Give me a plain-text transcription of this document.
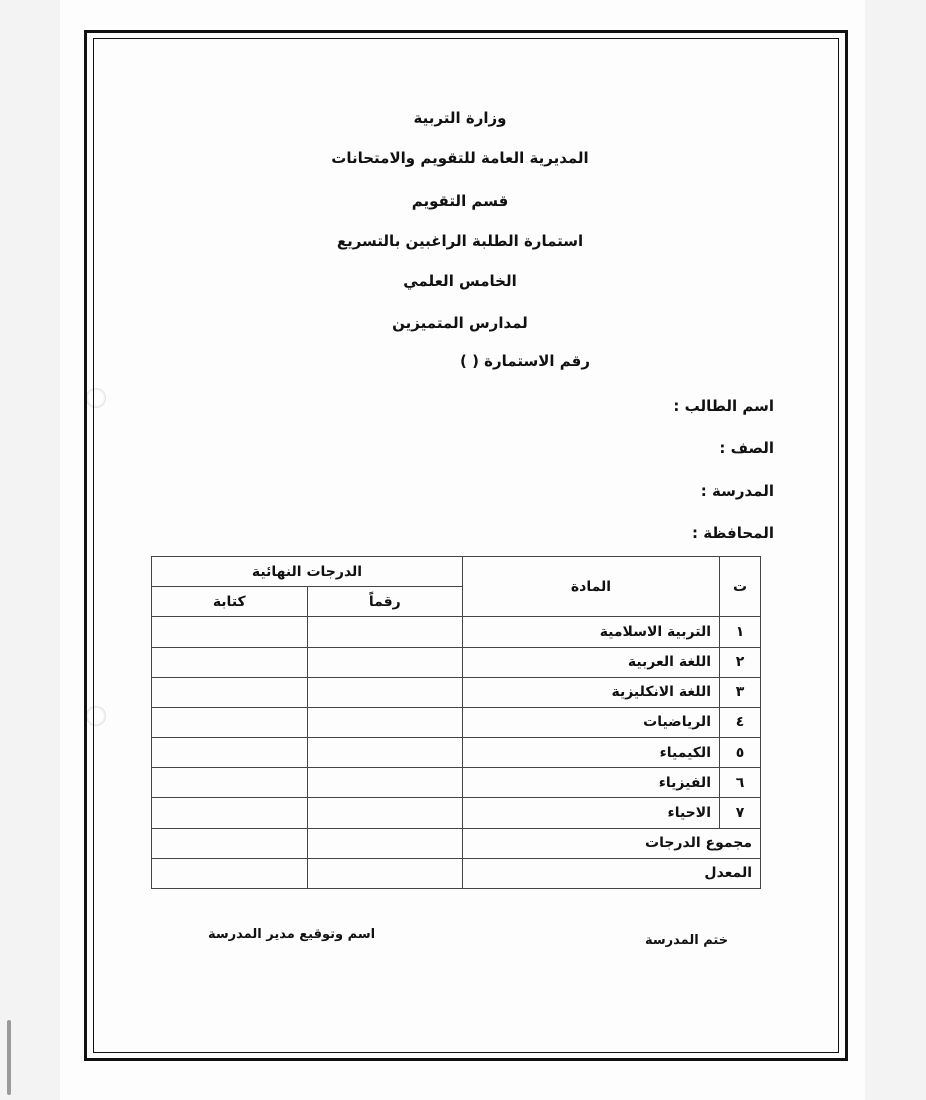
وزارة التربية
المديرية العامة للتقويم والامتحانات
قسم التقويم
استمارة الطلبة الراغبين بالتسريع
الخامس العلمي
لمدارس المتميزين
رقم الاستمارة ( )
اسم الطالب :
الصف :
المدرسة :
المحافظة :
ت	المادة	الدرجات النهائية	
		رقماً	كتابة
١	التربية الاسلامية		
٢	اللغة العربية		
٣	اللغة الانكليزية		
٤	الرياضيات		
٥	الكيمياء		
٦	الفيزياء		
٧	الاحياء		
مجموع الدرجات			
المعدل			
ختم المدرسة
اسم وتوقيع مدير المدرسة
